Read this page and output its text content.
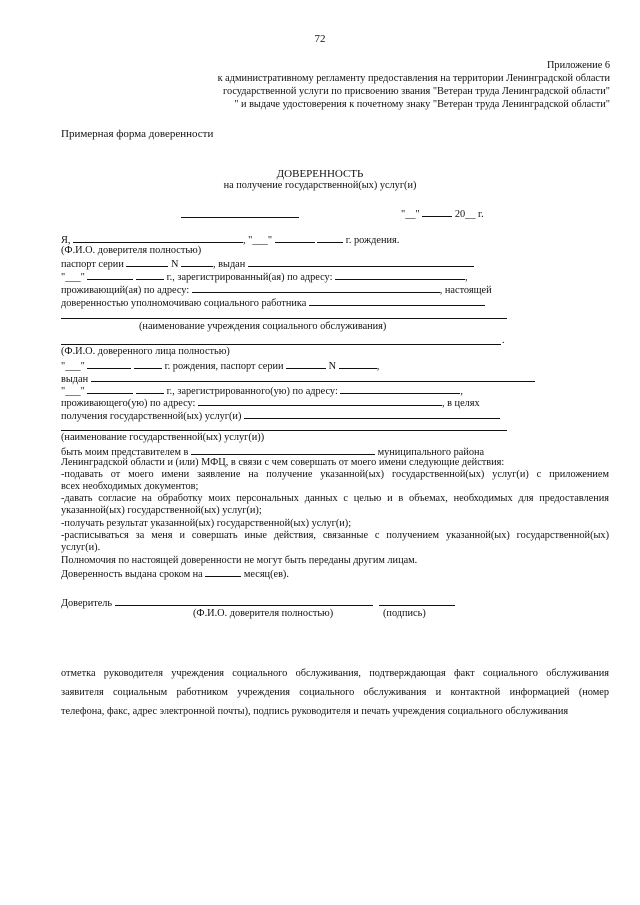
72
Приложение 6
к административному регламенту предоставления на территории Ленинградской области
государственной услуги по присвоению звания "Ветеран труда Ленинградской области"
" и выдаче удостоверения к почетному знаку "Ветеран труда Ленинградской области"
Примерная форма доверенности
ДОВЕРЕННОСТЬ
на получение государственной(ых) услуг(и)
"__"	20__ г.
Я,	, "___"	г. рождения.
(Ф.И.О. доверителя полностью)
паспорт серии	N	, выдан
"___"	г., зарегистрированный(ая) по адресу:	,
проживающий(ая) по адресу:	, настоящей
доверенностью уполномочиваю социального работника
(наименование учреждения социального обслуживания)
.
(Ф.И.О. доверенного лица полностью)
"___"	г. рождения, паспорт серии	N	,
выдан
"___"	г., зарегистрированного(ую) по адресу:	,
проживающего(ую) по адресу:	, в целях
получения государственной(ых) услуг(и)
(наименование государственной(ых) услуг(и))
быть моим представителем в	муниципального района
Ленинградской области и (или) МФЦ, в связи с чем совершать от моего имени следующие действия:
-подавать от моего имени заявление на получение указанной(ых) государственной(ых) услуг(и) с приложением
всех необходимых документов;
-давать согласие на обработку моих персональных данных с целью и в объемах, необходимых для предоставления
указанной(ых) государственной(ых) услуг(и);
-получать результат указанной(ых) государственной(ых) услуг(и);
-расписываться за меня и совершать иные действия, связанные с получением указанной(ых) государственной(ых)
услуг(и).
Полномочия по настоящей доверенности не могут быть переданы другим лицам.
Доверенность выдана сроком на	месяц(ев).
Доверитель
(Ф.И.О. доверителя полностью)	(подпись)
отметка руководителя учреждения социального обслуживания, подтверждающая факт социального обслуживания
заявителя социальным работником учреждения социального обслуживания и контактной информацией (номер
телефона, факс, адрес электронной почты), подпись руководителя и печать учреждения социального обслуживания
